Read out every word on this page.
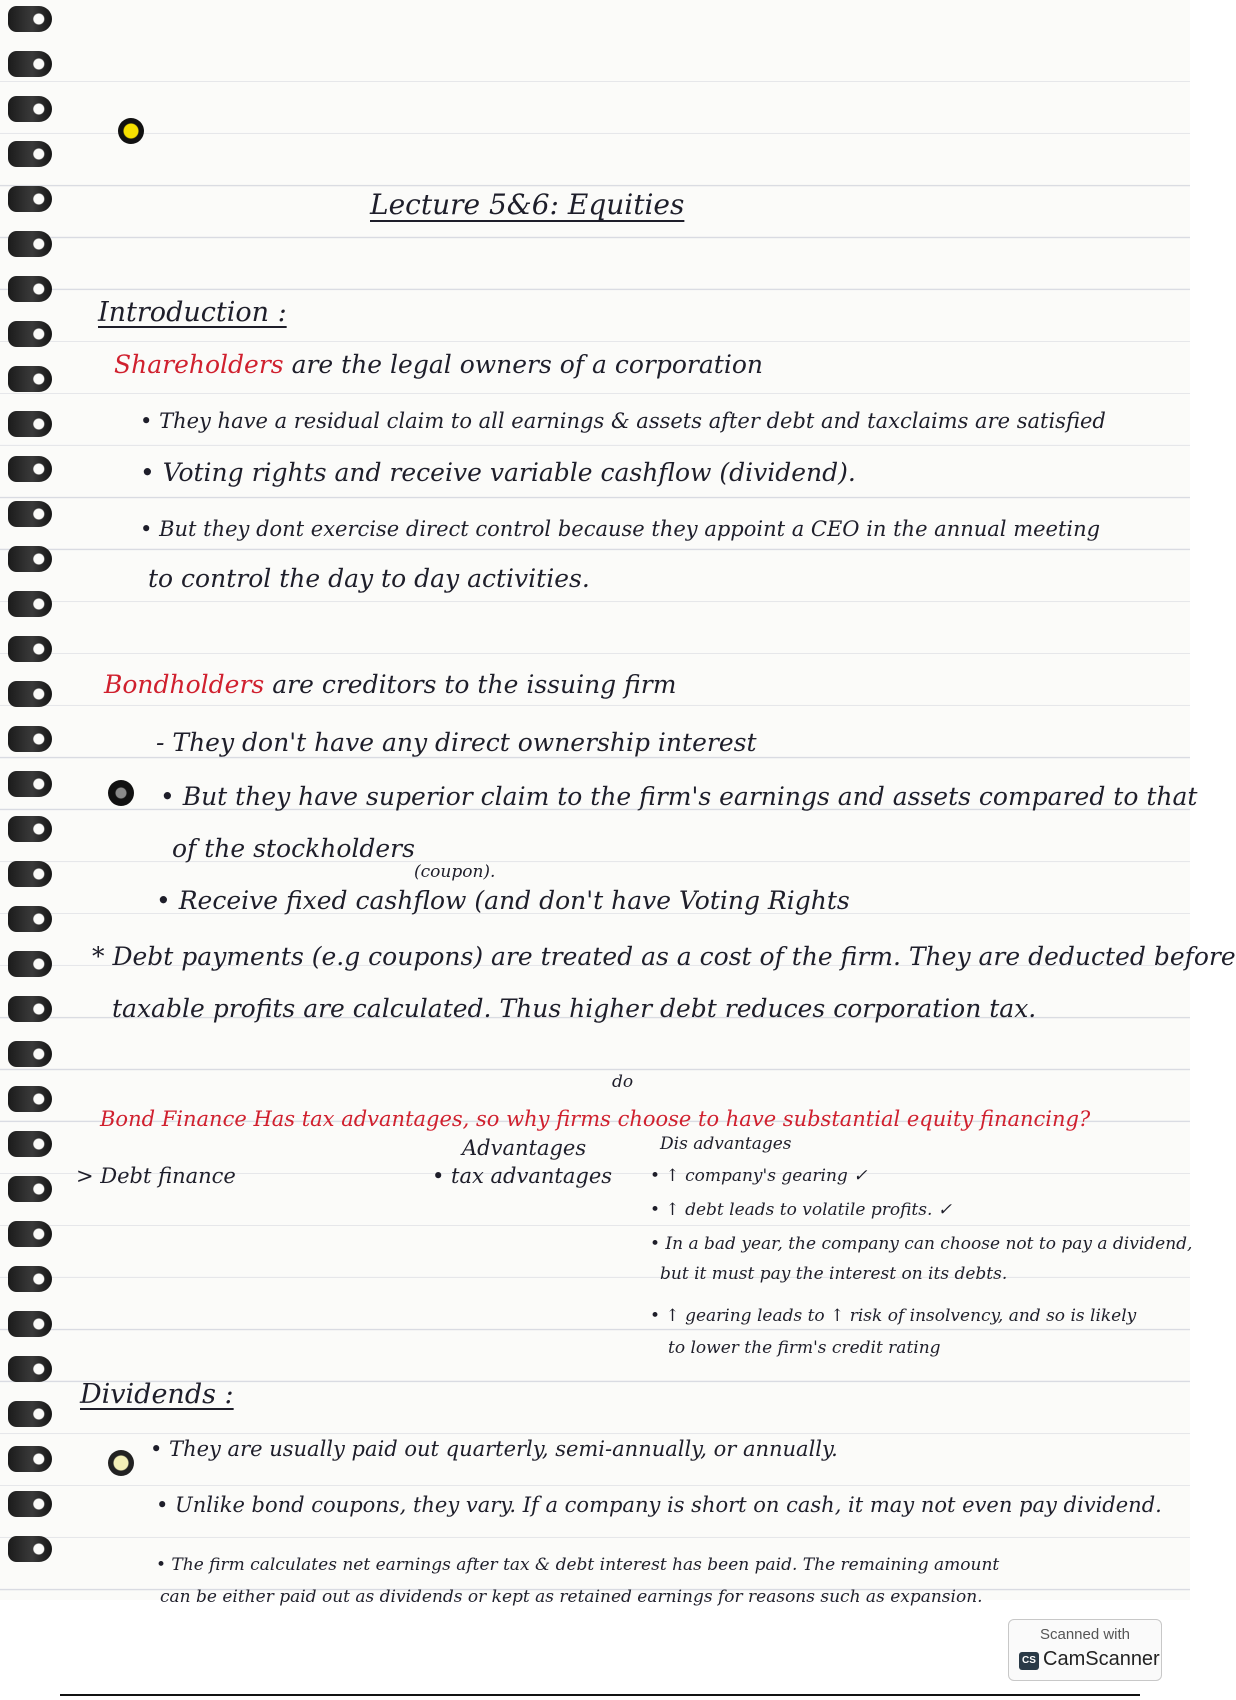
Lecture 5&6: Equities
Introduction :
Shareholders are the legal owners of a corporation
• They have a residual claim to all earnings & assets after debt and taxclaims are satisfied
• Voting rights and receive variable cashflow (dividend).
• But they dont exercise direct control because they appoint a CEO in the annual meeting
to control the day to day activities.
Bondholders are creditors to the issuing firm
- They don't have any direct ownership interest
• But they have superior claim to the firm's earnings and assets compared to that
of the stockholders
(coupon).
• Receive fixed cashflow (and don't have Voting Rights
* Debt payments (e.g coupons) are treated as a cost of the firm. They are deducted before
taxable profits are calculated. Thus higher debt reduces corporation tax.
do
Bond Finance Has tax advantages, so why firms choose to have substantial equity financing?
Advantages	Dis advantages
> Debt finance	• tax advantages • ↑ company's gearing ✓
• ↑ debt leads to volatile profits. ✓
• In a bad year, the company can choose not to pay a dividend,
but it must pay the interest on its debts.
• ↑ gearing leads to ↑ risk of insolvency, and so is likely
to lower the firm's credit rating
Dividends :
• They are usually paid out quarterly, semi-annually, or annually.
• Unlike bond coupons, they vary. If a company is short on cash, it may not even pay dividend.
• The firm calculates net earnings after tax & debt interest has been paid. The remaining amount
can be either paid out as dividends or kept as retained earnings for reasons such as expansion.
Scanned with
CS CamScanner
